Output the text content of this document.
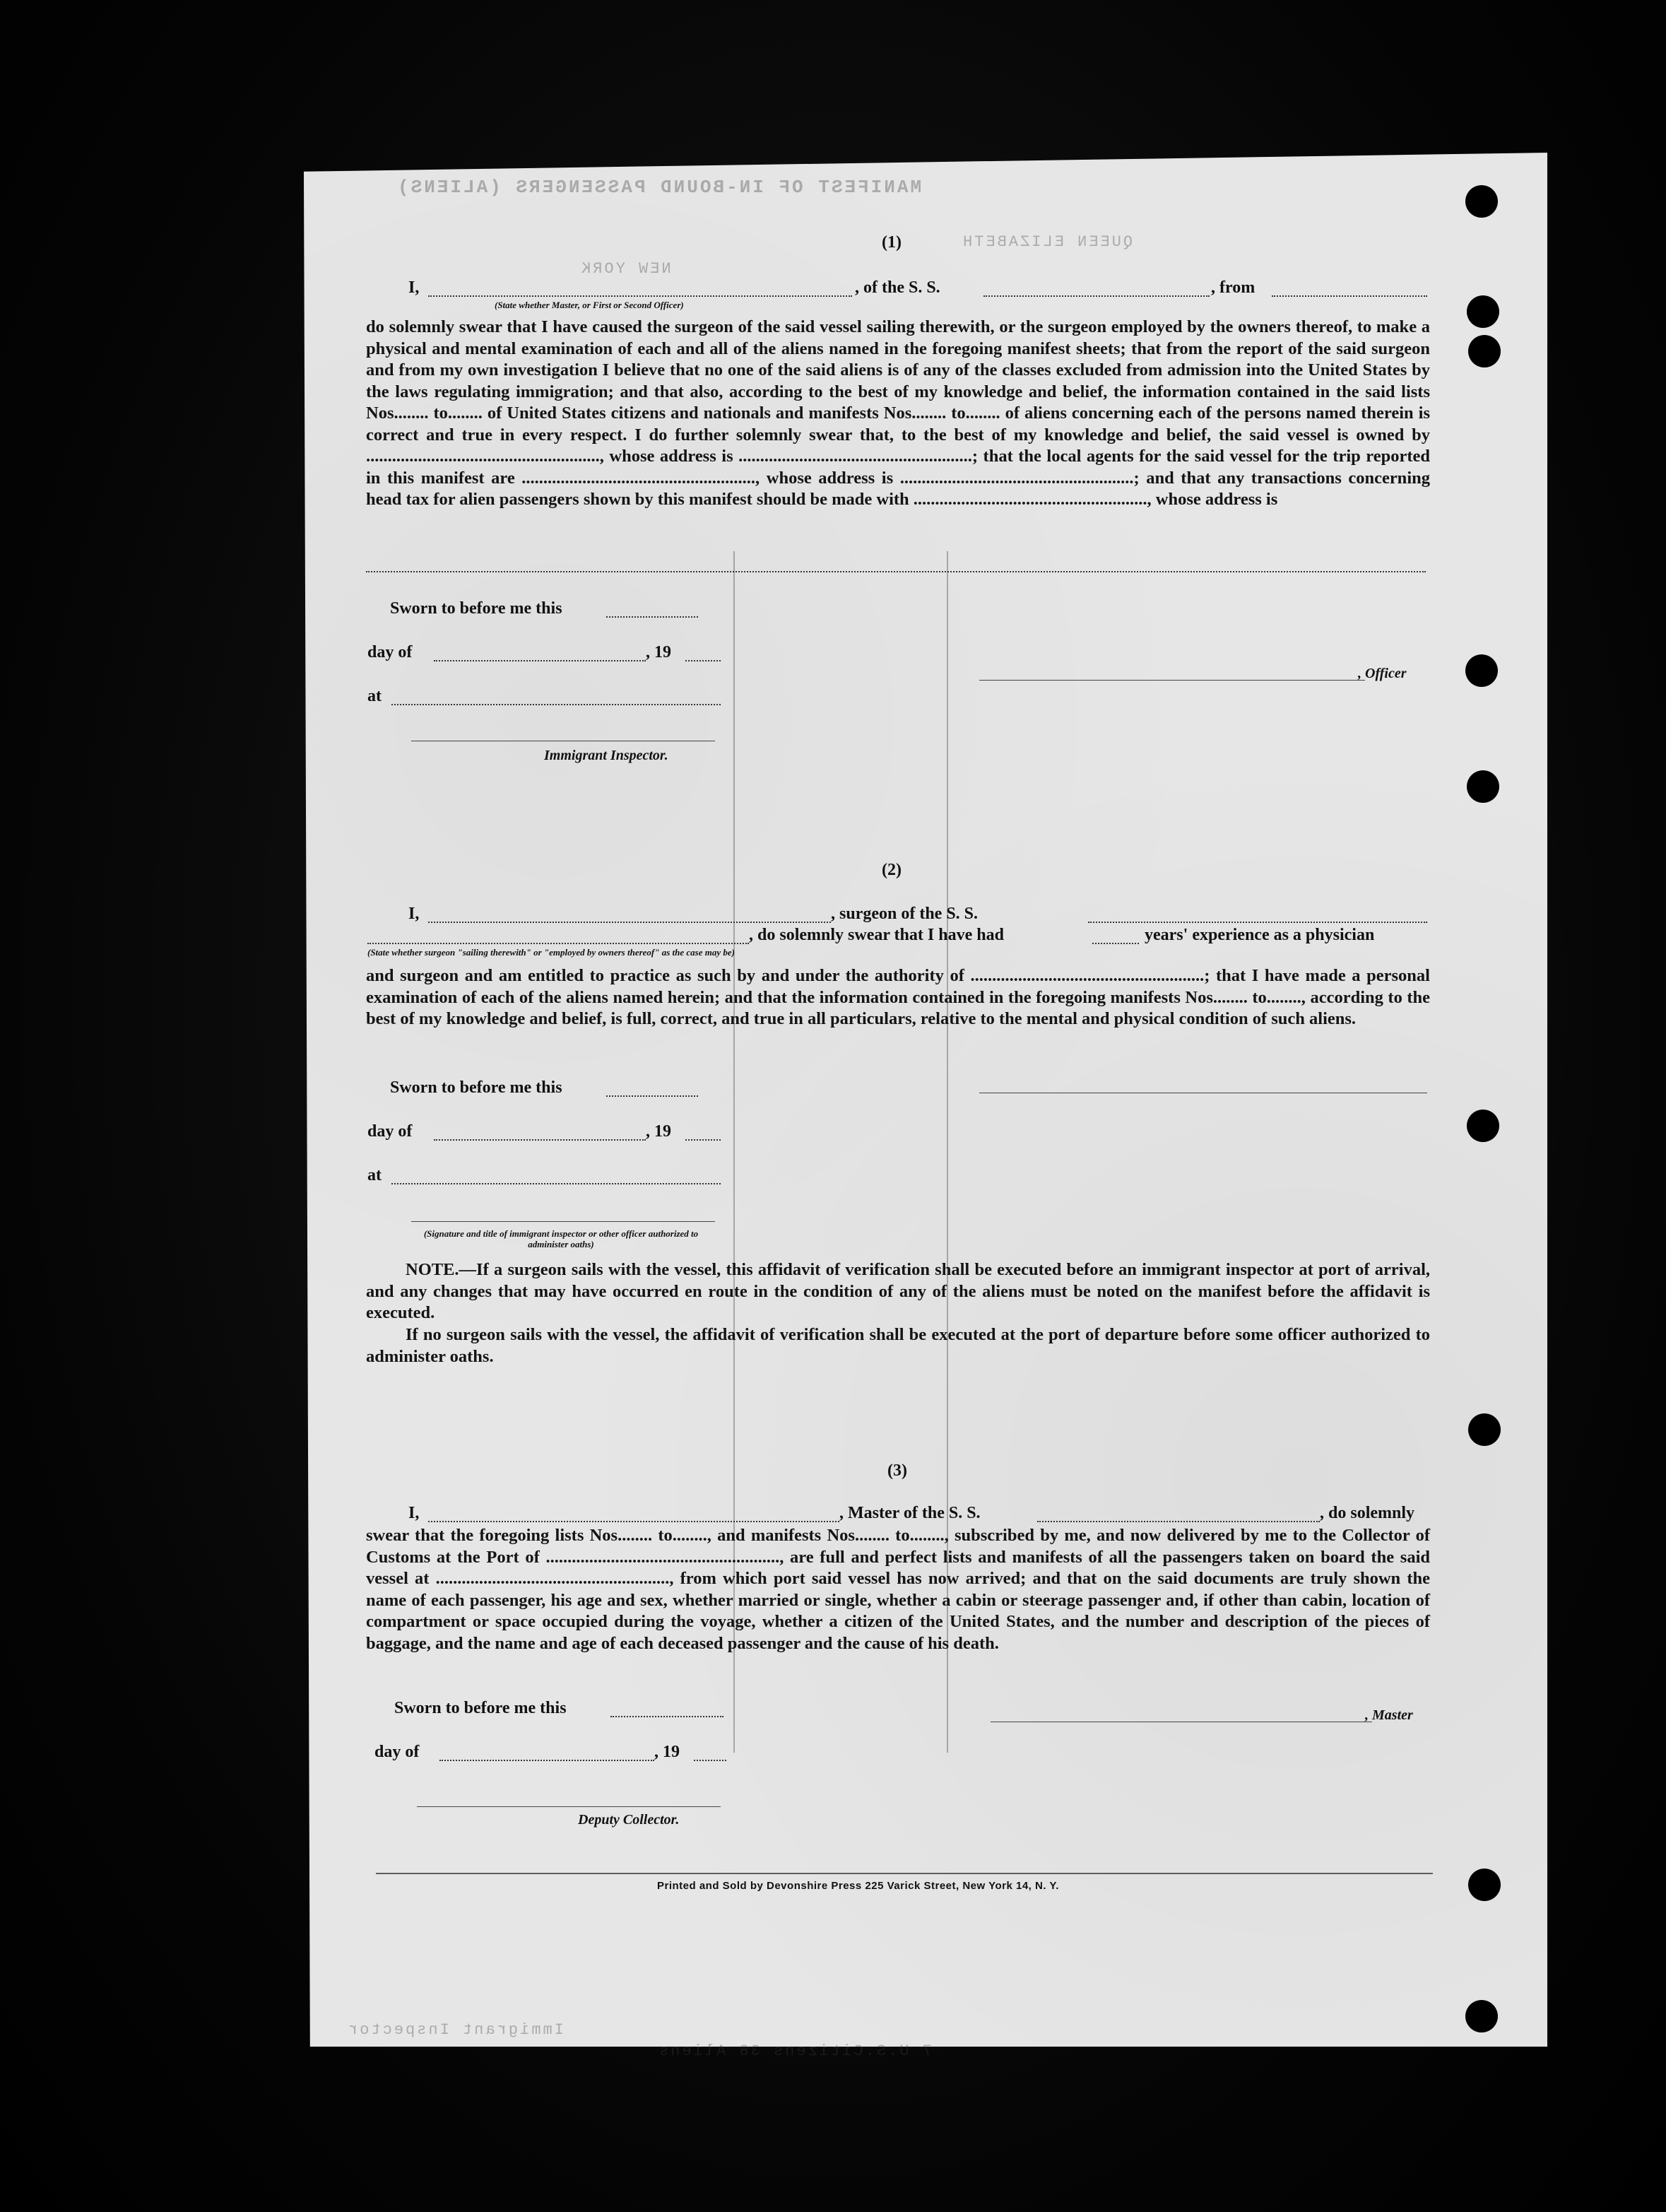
MANIFEST OF IN-BOUND PASSENGERS (ALIENS)
QUEEN ELIZABETH
NEW YORK
Immigrant Inspector
7 U.S.Citizens 38 Aliens
(1)
I,
(State whether Master, or First or Second Officer)
, of the S. S.	, from
do solemnly swear that I have caused the surgeon of the said vessel sailing therewith, or the surgeon employed by the owners thereof, to make a physical and mental examination of each and all of the aliens named in the foregoing manifest sheets; that from the report of the said surgeon and from my own investigation I believe that no one of the said aliens is of any of the classes excluded from admission into the United States by the laws regulating immigration; and that also, according to the best of my knowledge and belief, the information contained in the said lists Nos........ to........ of United States citizens and nationals and manifests Nos........ to........ of aliens concerning each of the persons named therein is correct and true in every respect. I do further solemnly swear that, to the best of my knowledge and belief, the said vessel is owned by ......................................................, whose address is ......................................................; that the local agents for the said vessel for the trip reported in this manifest are ......................................................, whose address is ......................................................; and that any transactions concerning head tax for alien passengers shown by this manifest should be made with ......................................................, whose address is
Sworn to before me this
day of	, 19
at
Immigrant Inspector.
, Officer
(2)
I,	, surgeon of the S. S.
, do solemnly swear that I have had	years' experience as a physician
(State whether surgeon "sailing therewith" or "employed by owners thereof" as the case may be)
and surgeon and am entitled to practice as such by and under the authority of ......................................................; that I have made a personal examination of each of the aliens named herein; and that the information contained in the foregoing manifests Nos........ to........, according to the best of my knowledge and belief, is full, correct, and true in all particulars, relative to the mental and physical condition of such aliens.
Sworn to before me this
day of	, 19
at
(Signature and title of immigrant inspector or other officer authorized to administer oaths)
NOTE.—If a surgeon sails with the vessel, this affidavit of verification shall be executed before an immigrant inspector at port of arrival, and any changes that may have occurred en route in the condition of any of the aliens must be noted on the manifest before the affidavit is executed.
If no surgeon sails with the vessel, the affidavit of verification shall be executed at the port of departure before some officer authorized to administer oaths.
(3)
I,	, Master of the S. S.	, do solemnly
swear that the foregoing lists Nos........ to........, and manifests Nos........ to........, subscribed by me, and now delivered by me to the Collector of Customs at the Port of ......................................................, are full and perfect lists and manifests of all the passengers taken on board the said vessel at ......................................................, from which port said vessel has now arrived; and that on the said documents are truly shown the name of each passenger, his age and sex, whether married or single, whether a cabin or steerage passenger and, if other than cabin, location of compartment or space occupied during the voyage, whether a citizen of the United States, and the number and description of the pieces of baggage, and the name and age of each deceased passenger and the cause of his death.
Sworn to before me this
day of	, 19
Deputy Collector.
, Master
Printed and Sold by Devonshire Press 225 Varick Street, New York 14, N. Y.
